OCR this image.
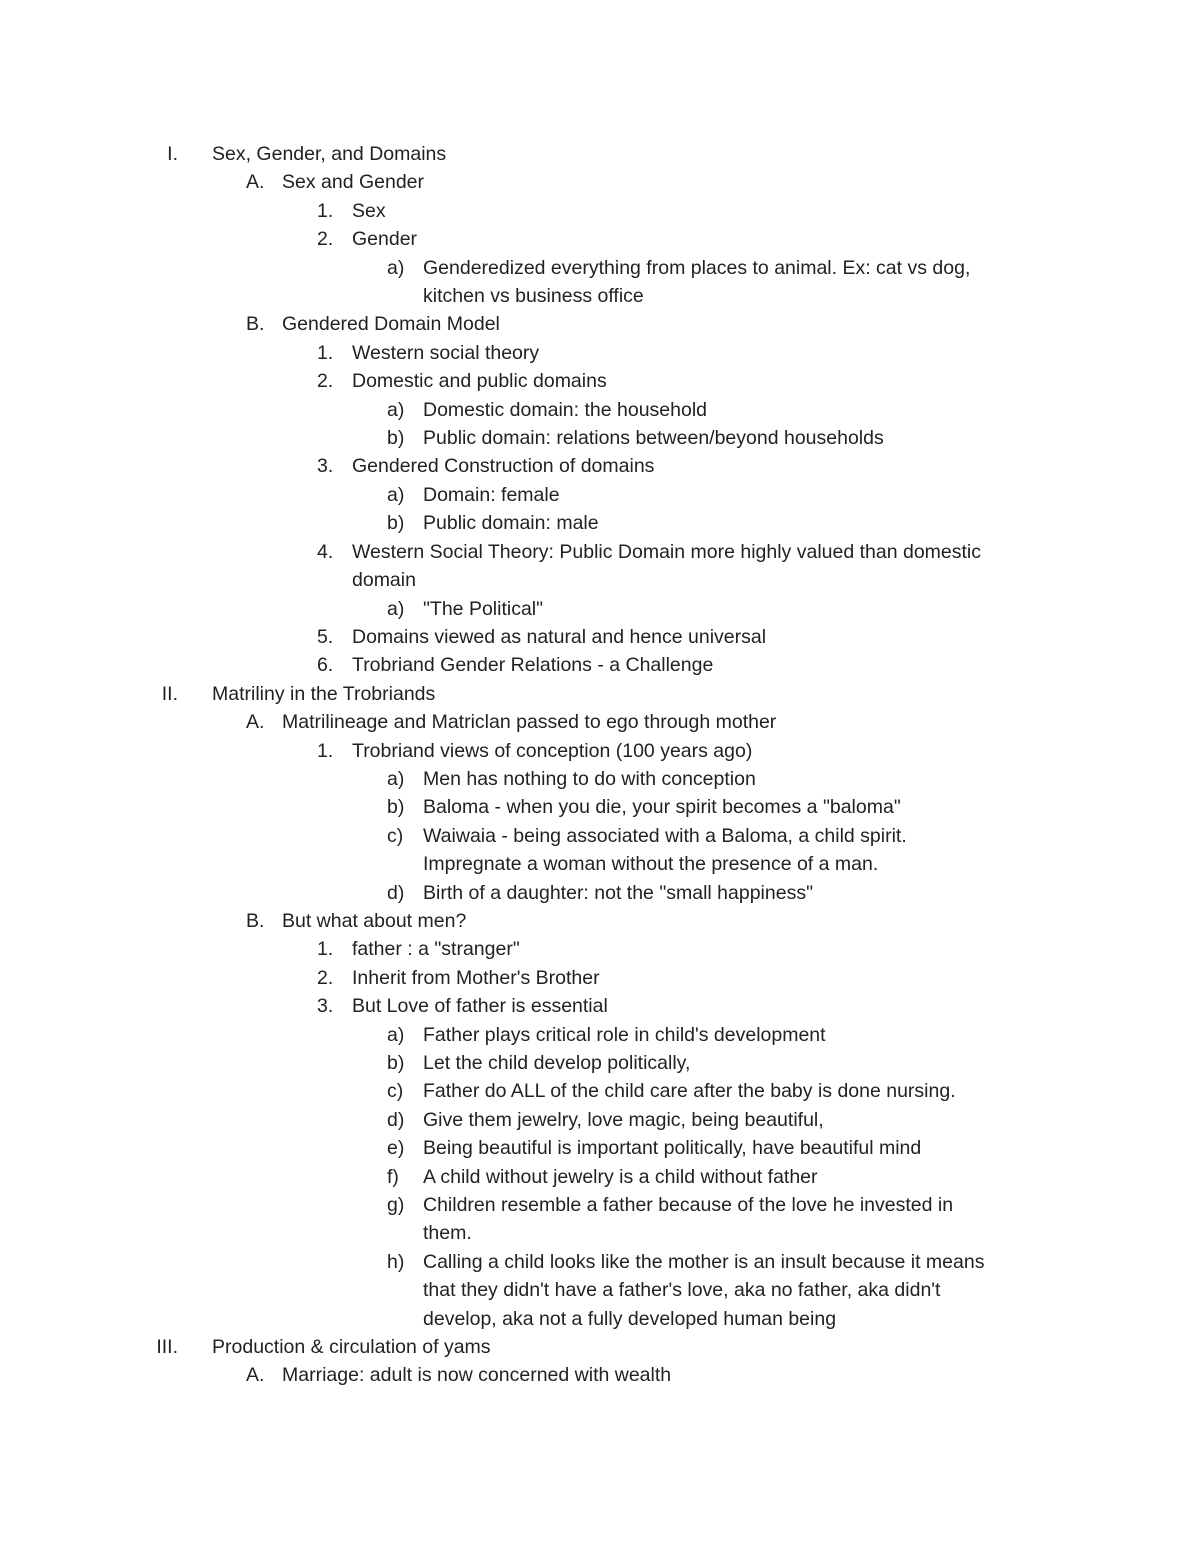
I. Sex, Gender, and Domains

A. Sex and Gender

1. Sex

2. Gender

a) Genderedized everything from places to animal. Ex: cat vs dog,

kitchen vs business office

B. Gendered Domain Model

1. Western social theory

2. Domestic and public domains

a) Domestic domain: the household

b) Public domain: relations between/beyond households

3. Gendered Construction of domains

a) Domain: female

b) Public domain: male

4. Western Social Theory: Public Domain more highly valued than domestic

domain

a) "The Political"

5. Domains viewed as natural and hence universal

6. Trobriand Gender Relations - a Challenge

II. Matriliny in the Trobriands

A. Matrilineage and Matriclan passed to ego through mother

1. Trobriand views of conception (100 years ago)

a) Men has nothing to do with conception

b) Baloma - when you die, your spirit becomes a "baloma"

c) Waiwaia - being associated with a Baloma, a child spirit.

Impregnate a woman without the presence of a man.

d) Birth of a daughter: not the "small happiness"

B. But what about men?

1. father : a "stranger"

2. Inherit from Mother's Brother

3. But Love of father is essential

a) Father plays critical role in child's development

b) Let the child develop politically,

c) Father do ALL of the child care after the baby is done nursing.

d) Give them jewelry, love magic, being beautiful,

e) Being beautiful is important politically, have beautiful mind

f) A child without jewelry is a child without father

g) Children resemble a father because of the love he invested in

them.

h) Calling a child looks like the mother is an insult because it means

that they didn't have a father's love, aka no father, aka didn't

develop, aka not a fully developed human being

III. Production & circulation of yams

A. Marriage: adult is now concerned with wealth
